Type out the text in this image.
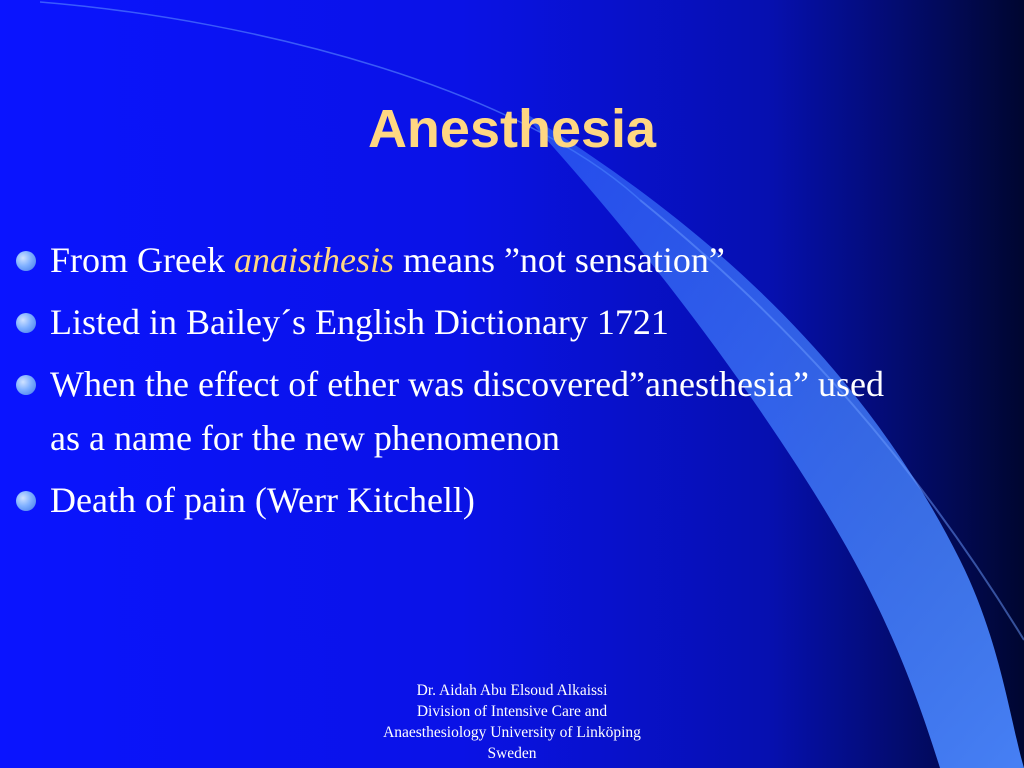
Anesthesia
From Greek anaisthesis means ”not sensation”
Listed in Bailey´s English Dictionary 1721
When the effect of ether was discovered”anesthesia” used as a name for the new phenomenon
Death of pain (Werr Kitchell)
Dr. Aidah Abu Elsoud Alkaissi
Division of Intensive Care and Anaesthesiology University of Linköping Sweden
